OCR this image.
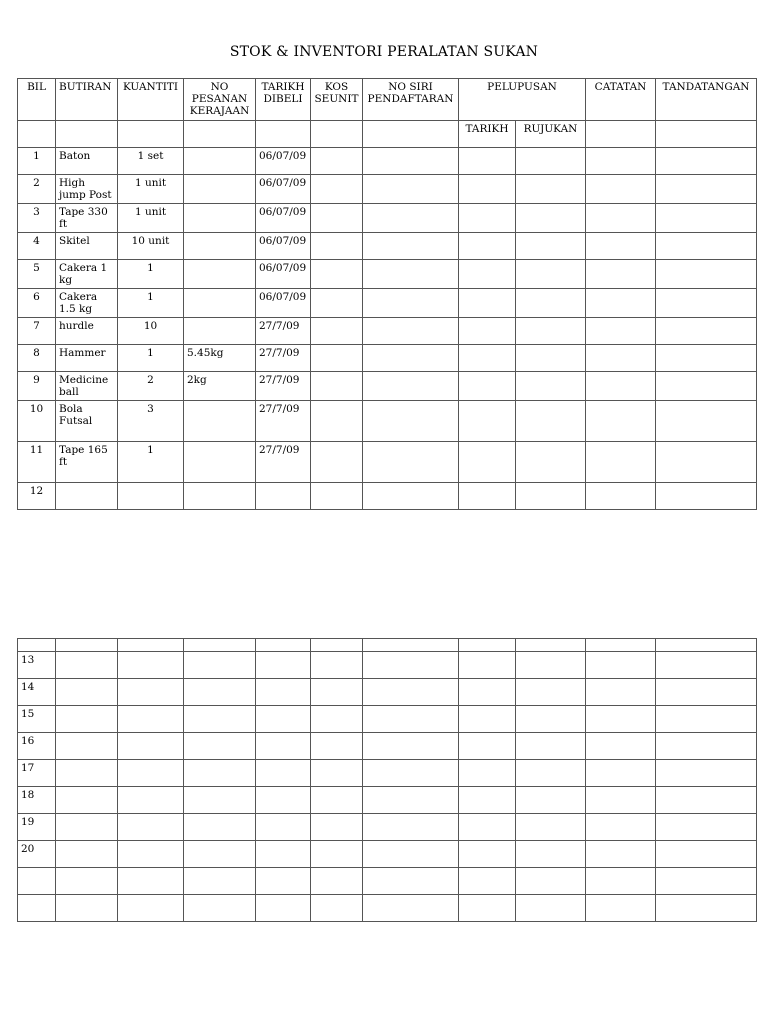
STOK & INVENTORI PERALATAN SUKAN
BIL	BUTIRAN	KUANTITI	NO PESANAN KERAJAAN	TARIKH DIBELI	KOS SEUNIT	NO SIRI PENDAFTARAN	PELUPUSAN		CATATAN	TANDATANGAN
							TARIKH	RUJUKAN		
1	Baton	1 set		06/07/09						
2	High jump Post	1 unit		06/07/09						
3	Tape 330 ft	1 unit		06/07/09						
4	Skitel	10 unit		06/07/09						
5	Cakera 1 kg	1		06/07/09						
6	Cakera 1.5 kg	1		06/07/09						
7	hurdle	10		27/7/09						
8	Hammer	1	5.45kg	27/7/09						
9	Medicine ball	2	2kg	27/7/09						
10	Bola Futsal	3		27/7/09						
11	Tape 165 ft	1		27/7/09						
12										

13										
14										
15										
16										
17										
18										
19										
20										
